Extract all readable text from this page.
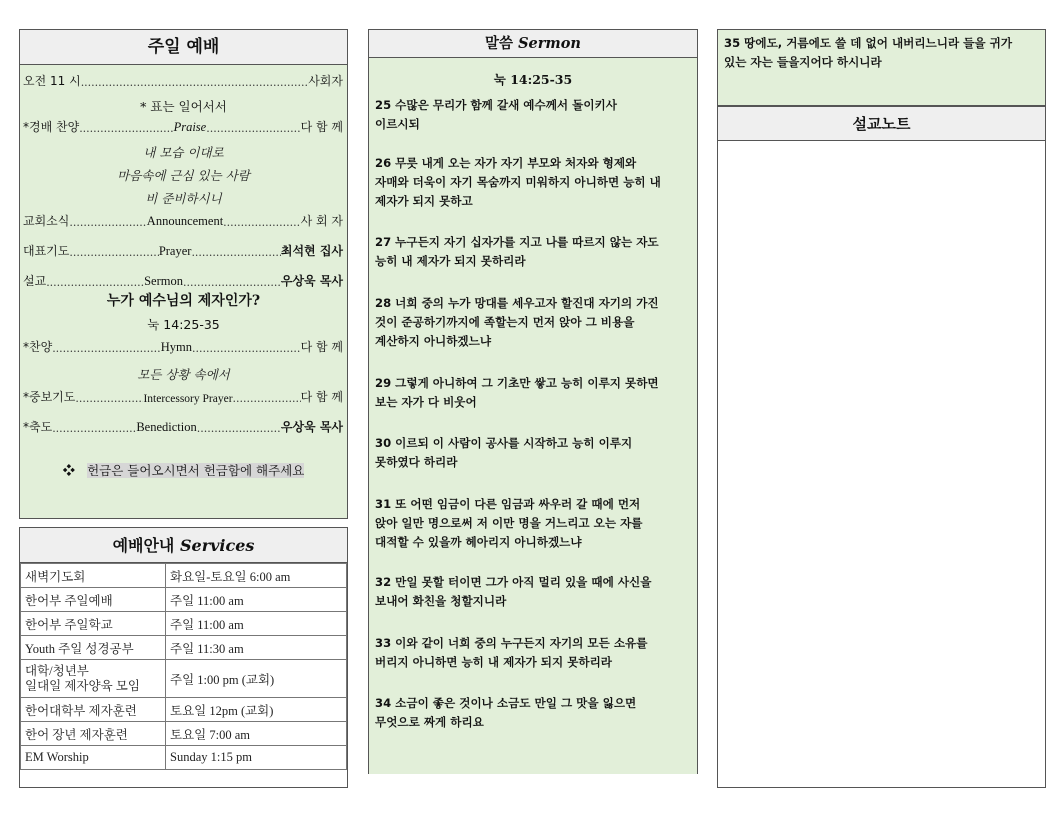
주일 예배
오전 11 시 .....	사회자
* 표는 일어서서
*경배 찬양 .....	Praise .....	다 함 께
내 모습 이대로
마음속에 근심 있는 사람
비 준비하시니
교회소식 .....	Announcement .....	사 회 자
대표기도 .....	Prayer .....	최석현 집사
설교 .....	Sermon .....	우상욱 목사
누가 예수님의 제자인가?
눅 14:25-35
*찬양 .....	Hymn .....	다 함 께
모든 상황 속에서
*중보기도 .....	Intercessory Prayer .....	다 함 께
*축도 .....	Benediction .....	우상욱 목사
❖ 헌금은 들어오시면서 헌금함에 해주세요
예배안내 Services
새벽기도회	화요일-토요일 6:00 am
한어부 주일예배	주일 11:00 am
한어부 주일학교	주일 11:00 am
Youth 주일 성경공부	주일 11:30 am
대학/청년부
일대일 제자양육 모임	주일 1:00 pm (교회)
한어대학부 제자훈련	토요일 12pm (교회)
한어 장년 제자훈련	토요일 7:00 am
EM Worship	Sunday 1:15 pm
말씀 Sermon
눅 14:25-35
25 수많은 무리가 함께 갈새 예수께서 돌이키사
이르시되
26 무릇 내게 오는 자가 자기 부모와 처자와 형제와
자매와 더욱이 자기 목숨까지 미워하지 아니하면 능히 내
제자가 되지 못하고
27 누구든지 자기 십자가를 지고 나를 따르지 않는 자도
능히 내 제자가 되지 못하리라
28 너희 중의 누가 망대를 세우고자 할진대 자기의 가진
것이 준공하기까지에 족할는지 먼저 앉아 그 비용을
계산하지 아니하겠느냐
29 그렇게 아니하여 그 기초만 쌓고 능히 이루지 못하면
보는 자가 다 비웃어
30 이르되 이 사람이 공사를 시작하고 능히 이루지
못하였다 하리라
31 또 어떤 임금이 다른 임금과 싸우러 갈 때에 먼저
앉아 일만 명으로써 저 이만 명을 거느리고 오는 자를
대적할 수 있을까 헤아리지 아니하겠느냐
32 만일 못할 터이면 그가 아직 멀리 있을 때에 사신을
보내어 화친을 청할지니라
33 이와 같이 너희 중의 누구든지 자기의 모든 소유를
버리지 아니하면 능히 내 제자가 되지 못하리라
34 소금이 좋은 것이나 소금도 만일 그 맛을 잃으면
무엇으로 짜게 하리요
35 땅에도, 거름에도 쓸 데 없어 내버리느니라 들을 귀가
있는 자는 들을지어다 하시니라
설교노트
